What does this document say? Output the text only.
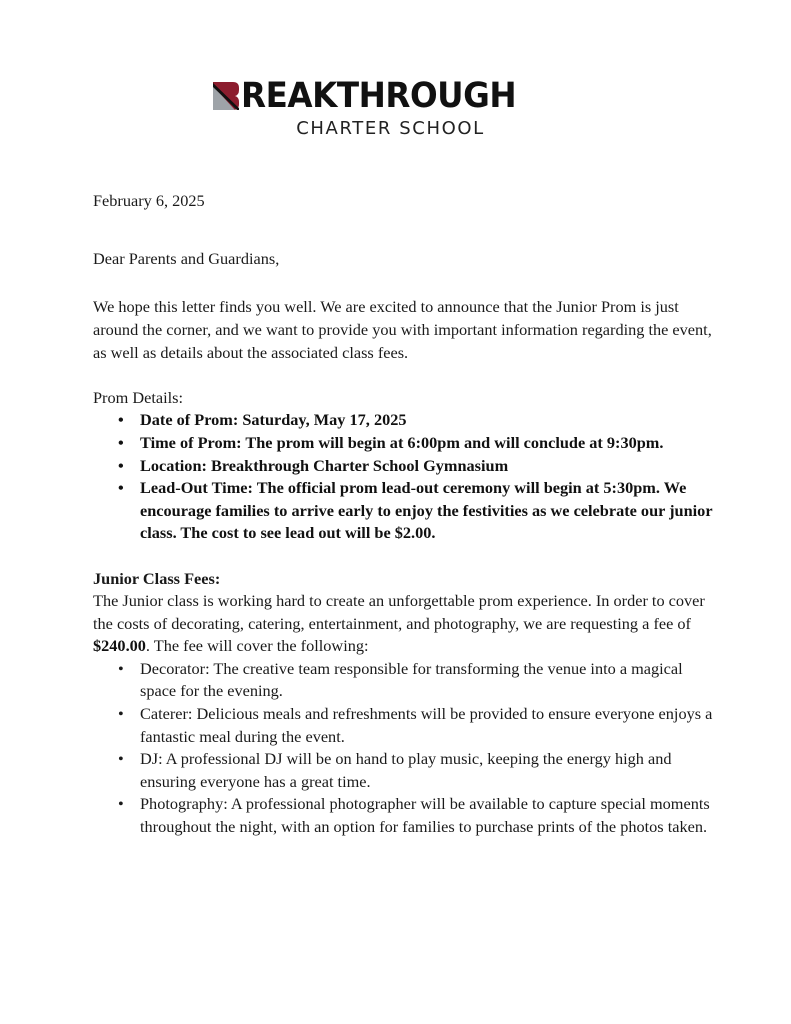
REAKTHROUGH
CHARTER SCHOOL

February 6, 2025

Dear Parents and Guardians,

We hope this letter finds you well. We are excited to announce that the Junior Prom is just around the corner, and we want to provide you with important information regarding the event, as well as details about the associated class fees.

Prom Details:

• Date of Prom: Saturday, May 17, 2025
• Time of Prom: The prom will begin at 6:00pm and will conclude at 9:30pm.
• Location: Breakthrough Charter School Gymnasium
• Lead-Out Time: The official prom lead-out ceremony will begin at 5:30pm. We encourage families to arrive early to enjoy the festivities as we celebrate our junior class. The cost to see lead out will be $2.00.

Junior Class Fees:

The Junior class is working hard to create an unforgettable prom experience. In order to cover the costs of decorating, catering, entertainment, and photography, we are requesting a fee of $240.00. The fee will cover the following:

• Decorator: The creative team responsible for transforming the venue into a magical space for the evening.
• Caterer: Delicious meals and refreshments will be provided to ensure everyone enjoys a fantastic meal during the event.
• DJ: A professional DJ will be on hand to play music, keeping the energy high and ensuring everyone has a great time.
• Photography: A professional photographer will be available to capture special moments throughout the night, with an option for families to purchase prints of the photos taken.
